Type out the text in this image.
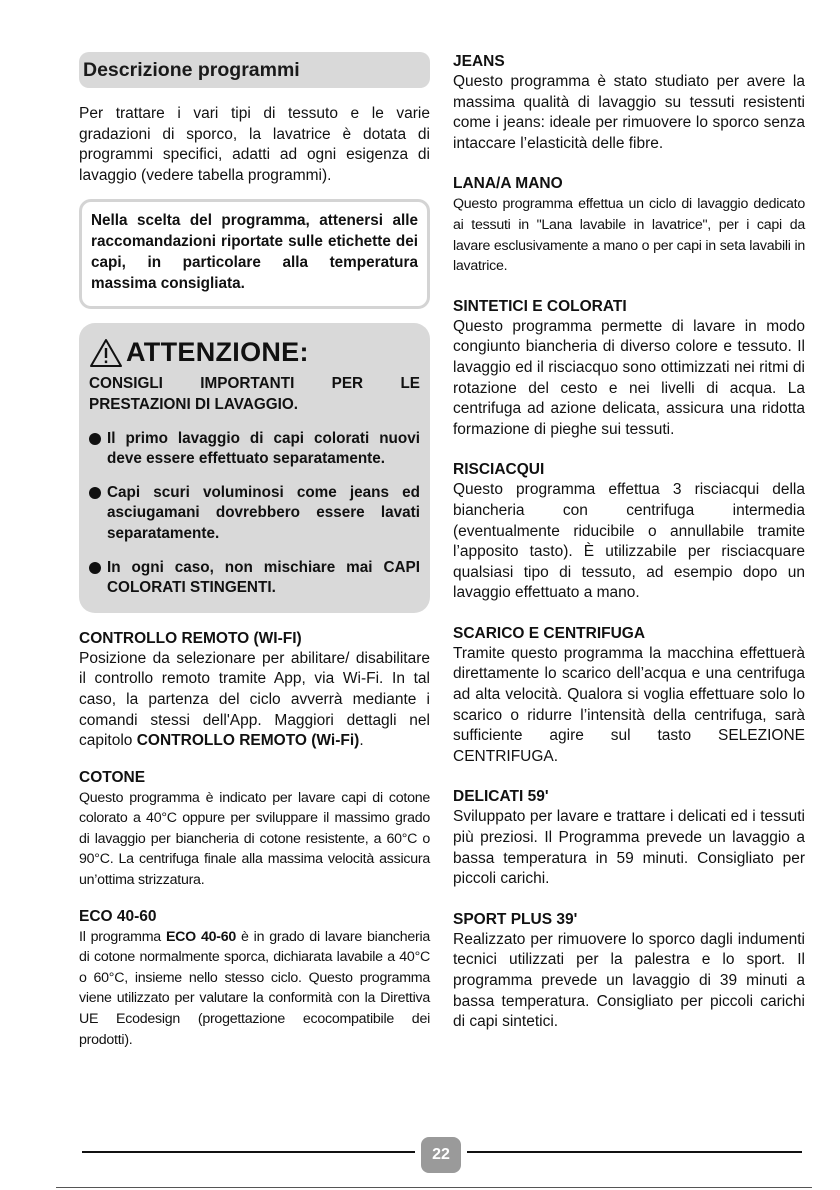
Descrizione programmi
Per trattare i vari tipi di tessuto e le varie gradazioni di sporco, la lavatrice è dotata di programmi specifici, adatti ad ogni esigenza di lavaggio (vedere tabella programmi).
Nella scelta del programma, attenersi alle raccomandazioni riportate sulle etichette dei capi, in particolare alla temperatura massima consigliata.
ATTENZIONE:
CONSIGLI IMPORTANTI PER LE PRESTAZIONI DI LAVAGGIO.
Il primo lavaggio di capi colorati nuovi deve essere effettuato separatamente.
Capi scuri voluminosi come jeans ed asciugamani dovrebbero essere lavati separatamente.
In ogni caso, non mischiare mai CAPI COLORATI STINGENTI.
CONTROLLO REMOTO (WI-FI)
Posizione da selezionare per abilitare/ disabilitare il controllo remoto tramite App, via Wi-Fi. In tal caso, la partenza del ciclo avverrà mediante i comandi stessi dell'App. Maggiori dettagli nel capitolo CONTROLLO REMOTO (Wi-Fi).
COTONE
Questo programma è indicato per lavare capi di cotone colorato a 40°C oppure per sviluppare il massimo grado di lavaggio per biancheria di cotone resistente, a 60°C o 90°C. La centrifuga finale alla massima velocità assicura un’ottima strizzatura.
ECO 40-60
Il programma ECO 40-60 è in grado di lavare biancheria di cotone normalmente sporca, dichiarata lavabile a 40°C o 60°C, insieme nello stesso ciclo. Questo programma viene utilizzato per valutare la conformità con la Direttiva UE Ecodesign (progettazione ecocompatibile dei prodotti).
JEANS
Questo programma è stato studiato per avere la massima qualità di lavaggio su tessuti resistenti come i jeans: ideale per rimuovere lo sporco senza intaccare l’elasticità delle fibre.
LANA/A MANO
Questo programma effettua un ciclo di lavaggio dedicato ai tessuti in "Lana lavabile in lavatrice", per i capi da lavare esclusivamente a mano o per capi in seta lavabili in lavatrice.
SINTETICI E COLORATI
Questo programma permette di lavare in modo congiunto biancheria di diverso colore e tessuto. Il lavaggio ed il risciacquo sono ottimizzati nei ritmi di rotazione del cesto e nei livelli di acqua. La centrifuga ad azione delicata, assicura una ridotta formazione di pieghe sui tessuti.
RISCIACQUI
Questo programma effettua 3 risciacqui della biancheria con centrifuga intermedia (eventualmente riducibile o annullabile tramite l’apposito tasto). È utilizzabile per risciacquare qualsiasi tipo di tessuto, ad esempio dopo un lavaggio effettuato a mano.
SCARICO E CENTRIFUGA
Tramite questo programma la macchina effettuerà direttamente lo scarico dell’acqua e una centrifuga ad alta velocità. Qualora si voglia effettuare solo lo scarico o ridurre l’intensità della centrifuga, sarà sufficiente agire sul tasto SELEZIONE CENTRIFUGA.
DELICATI 59'
Sviluppato per lavare e trattare i delicati ed i tessuti più preziosi. Il Programma prevede un lavaggio a bassa temperatura in 59 minuti. Consigliato per piccoli carichi.
SPORT PLUS 39'
Realizzato per rimuovere lo sporco dagli indumenti tecnici utilizzati per la palestra e lo sport. Il programma prevede un lavaggio di 39 minuti a bassa temperatura. Consigliato per piccoli carichi di capi sintetici.
22
